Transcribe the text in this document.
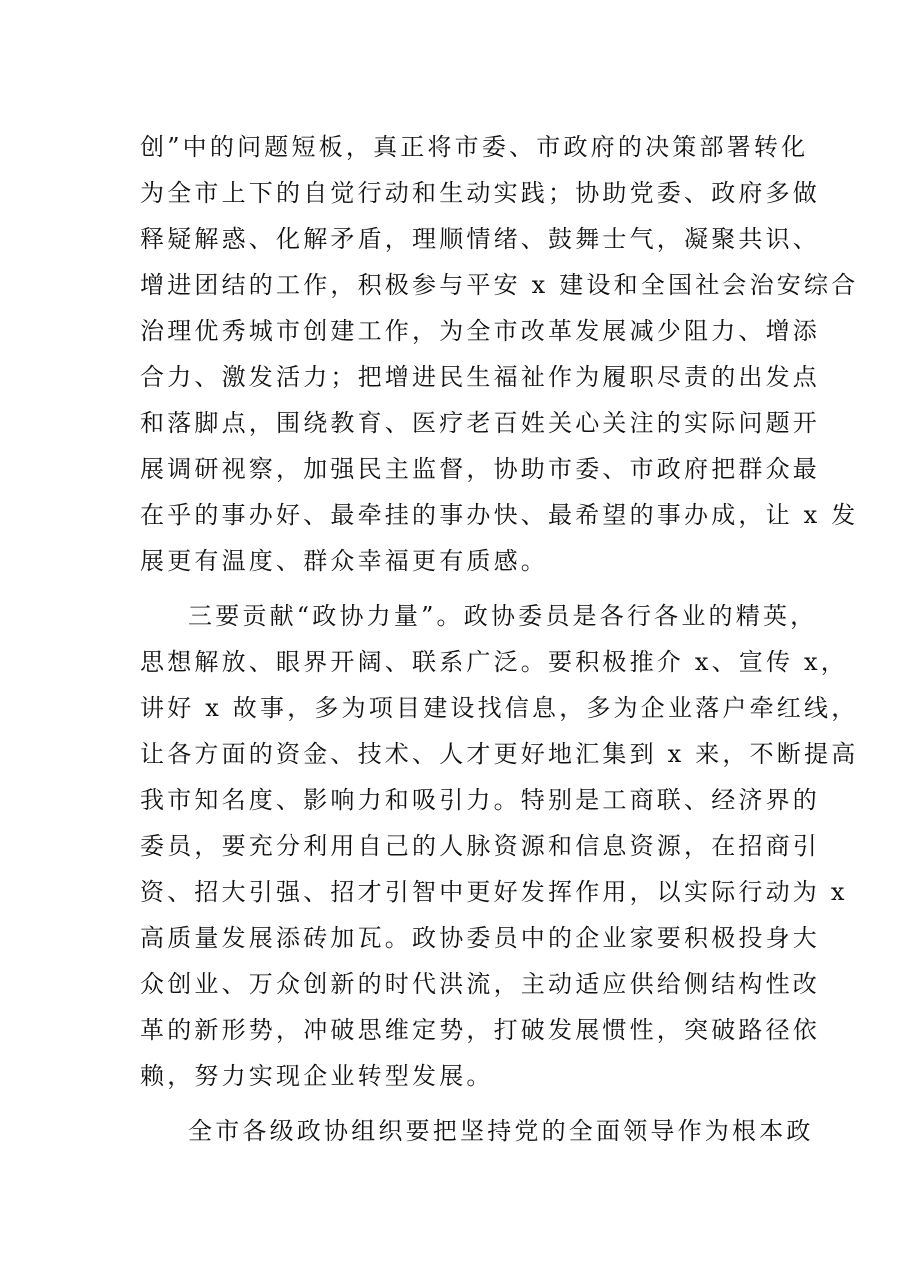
创”中的问题短板，真正将市委、市政府的决策部署转化
为全市上下的自觉行动和生动实践；协助党委、政府多做
释疑解惑、化解矛盾，理顺情绪、鼓舞士气，凝聚共识、
增进团结的工作，积极参与平安 x 建设和全国社会治安综合
治理优秀城市创建工作，为全市改革发展减少阻力、增添
合力、激发活力；把增进民生福祉作为履职尽责的出发点
和落脚点，围绕教育、医疗老百姓关心关注的实际问题开
展调研视察，加强民主监督，协助市委、市政府把群众最
在乎的事办好、最牵挂的事办快、最希望的事办成，让 x 发
展更有温度、群众幸福更有质感。
三要贡献“政协力量”。政协委员是各行各业的精英，
思想解放、眼界开阔、联系广泛。要积极推介 x、宣传 x，
讲好 x 故事，多为项目建设找信息，多为企业落户牵红线，
让各方面的资金、技术、人才更好地汇集到 x 来，不断提高
我市知名度、影响力和吸引力。特别是工商联、经济界的
委员，要充分利用自己的人脉资源和信息资源，在招商引
资、招大引强、招才引智中更好发挥作用，以实际行动为 x
高质量发展添砖加瓦。政协委员中的企业家要积极投身大
众创业、万众创新的时代洪流，主动适应供给侧结构性改
革的新形势，冲破思维定势，打破发展惯性，突破路径依
赖，努力实现企业转型发展。
全市各级政协组织要把坚持党的全面领导作为根本政
